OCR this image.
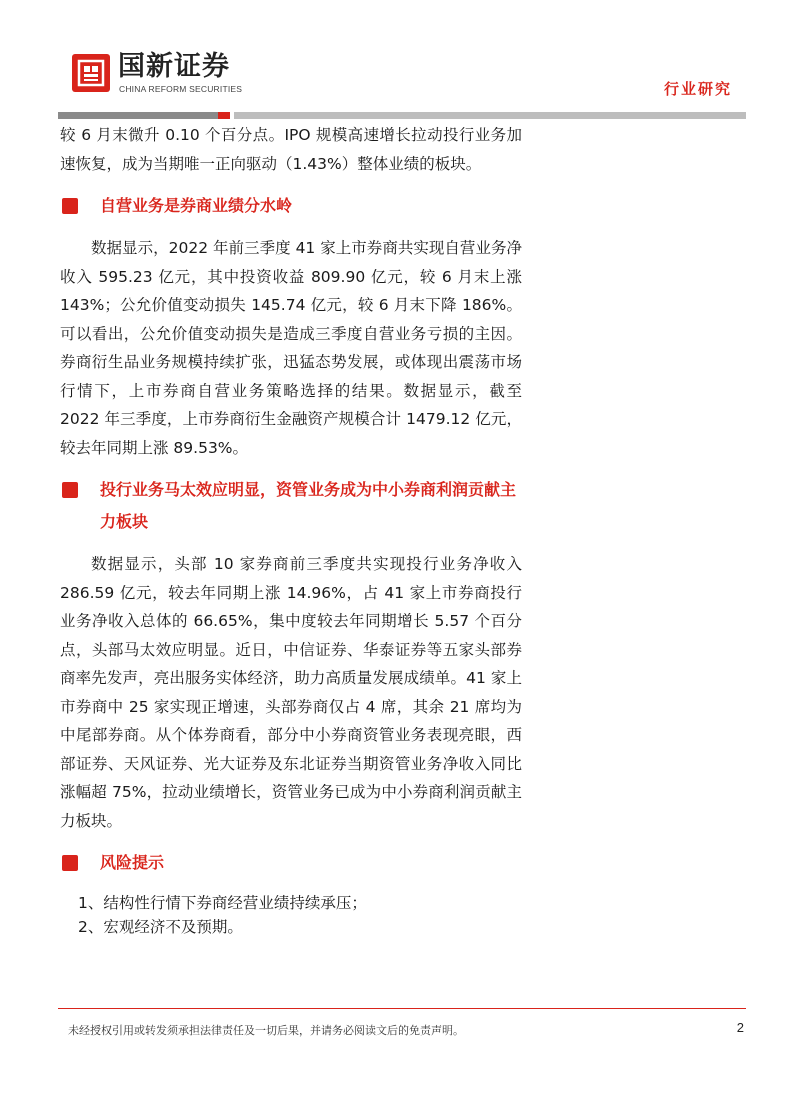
国新证券
CHINA REFORM SECURITIES	行业研究

较 6 月末微升 0.10 个百分点。IPO 规模高速增长拉动投行业务加速恢复，成为当期唯一正向驱动（1.43%）整体业绩的板块。

自营业务是券商业绩分水岭

数据显示，2022 年前三季度 41 家上市券商共实现自营业务净收入 595.23 亿元，其中投资收益 809.90 亿元，较 6 月末上涨 143%；公允价值变动损失 145.74 亿元，较 6 月末下降 186%。可以看出，公允价值变动损失是造成三季度自营业务亏损的主因。券商衍生品业务规模持续扩张，迅猛态势发展，或体现出震荡市场行情下，上市券商自营业务策略选择的结果。数据显示，截至 2022 年三季度，上市券商衍生金融资产规模合计 1479.12 亿元，较去年同期上涨 89.53%。

投行业务马太效应明显，资管业务成为中小券商利润贡献主力板块

数据显示，头部 10 家券商前三季度共实现投行业务净收入 286.59 亿元，较去年同期上涨 14.96%，占 41 家上市券商投行业务净收入总体的 66.65%，集中度较去年同期增长 5.57 个百分点，头部马太效应明显。近日，中信证券、华泰证券等五家头部券商率先发声，亮出服务实体经济，助力高质量发展成绩单。41 家上市券商中 25 家实现正增速，头部券商仅占 4 席，其余 21 席均为中尾部券商。从个体券商看，部分中小券商资管业务表现亮眼，西部证券、天风证券、光大证券及东北证券当期资管业务净收入同比涨幅超 75%，拉动业绩增长，资管业务已成为中小券商利润贡献主力板块。

风险提示
1、结构性行情下券商经营业绩持续承压；
2、宏观经济不及预期。
未经授权引用或转发须承担法律责任及一切后果，并请务必阅读文后的免责声明。	2
